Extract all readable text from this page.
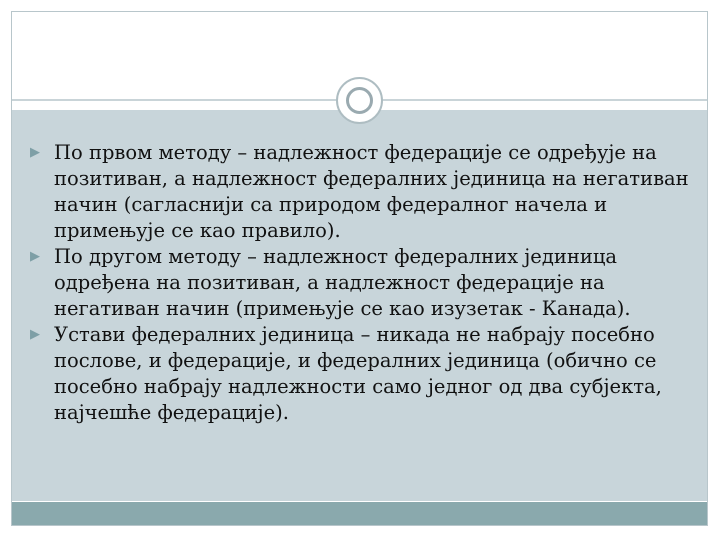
▶ По првом методу – надлежност федерације се одређује на позитиван, а надлежност федералних јединица на негативан начин (сагласнији са природом федералног начела и примењује се као правило).
▶ По другом методу – надлежност федералних јединица одређена на позитиван, а надлежност федерације на негативан начин (примењује се као изузетак - Канада).
▶ Устави федералних јединица – никада не набрају посебно послове, и федерације, и федералних јединица (обично се посебно набрају надлежности само једног од два субјекта, најчешће федерације).
